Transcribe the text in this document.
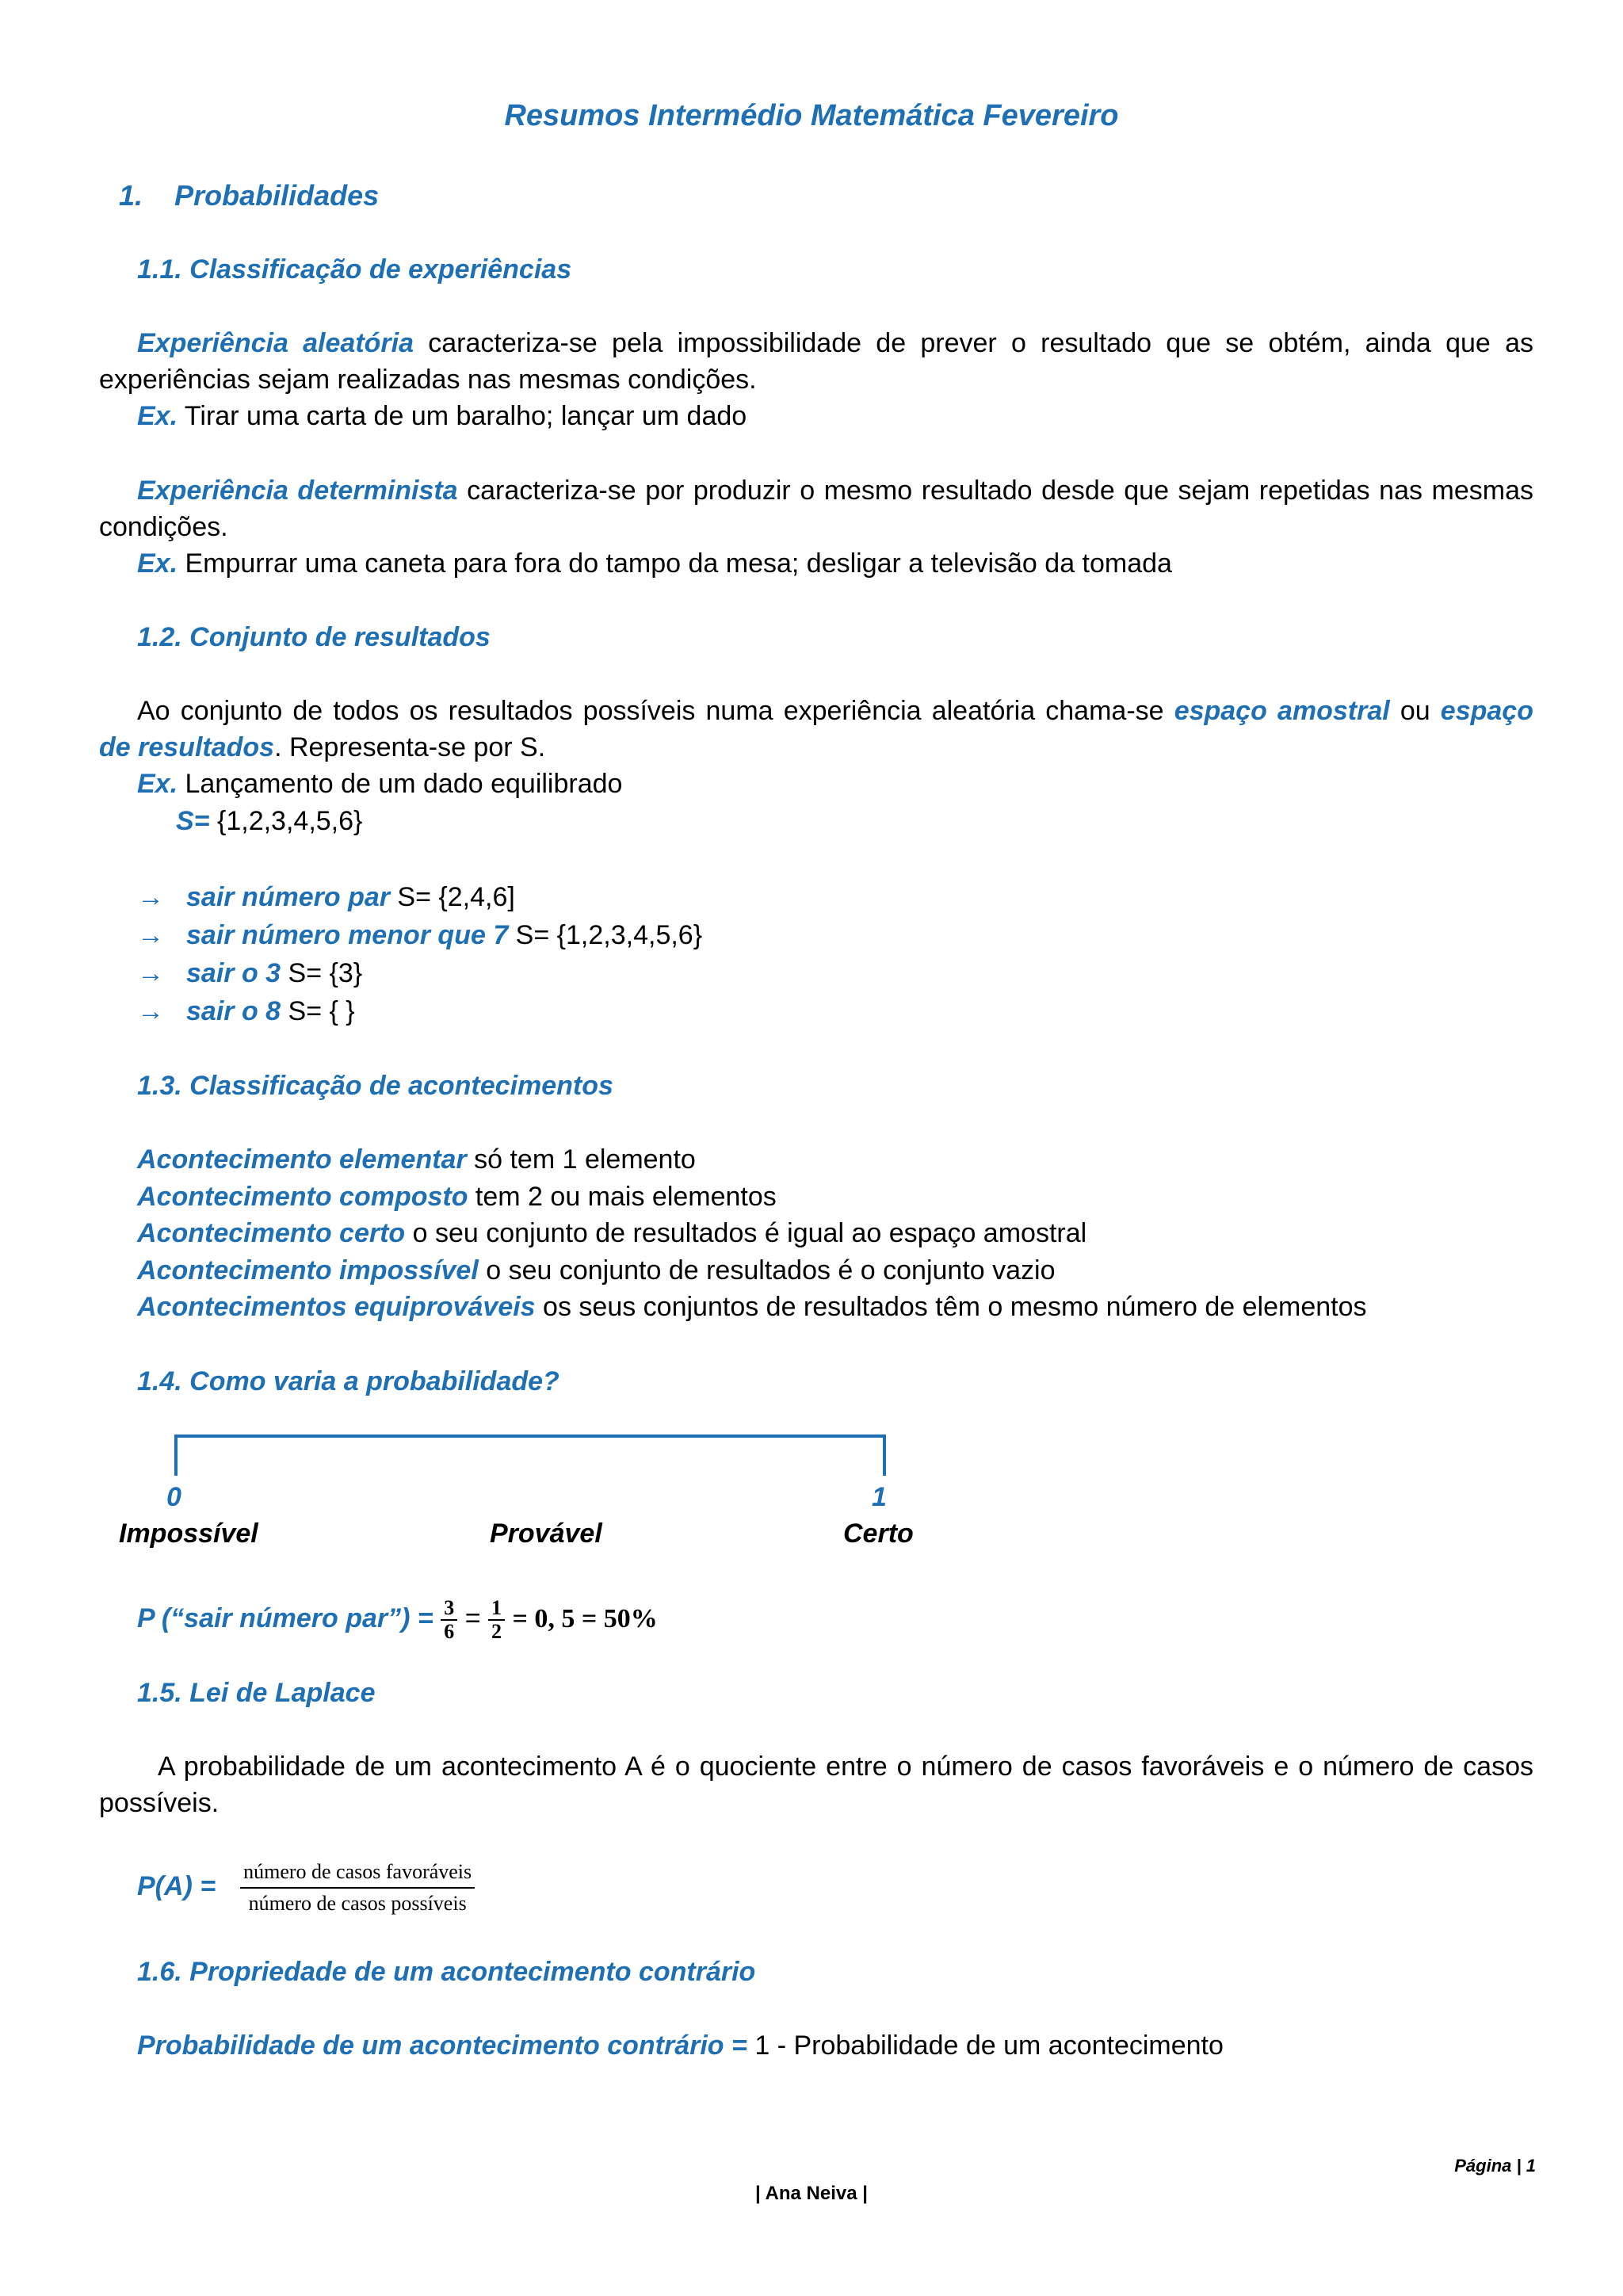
Resumos Intermédio Matemática Fevereiro
1. Probabilidades
1.1. Classificação de experiências
Experiência aleatória caracteriza-se pela impossibilidade de prever o resultado que se obtém, ainda que as
experiências sejam realizadas nas mesmas condições.
Ex. Tirar uma carta de um baralho; lançar um dado
Experiência determinista caracteriza-se por produzir o mesmo resultado desde que sejam repetidas nas mesmas
condições.
Ex. Empurrar uma caneta para fora do tampo da mesa; desligar a televisão da tomada
1.2. Conjunto de resultados
Ao conjunto de todos os resultados possíveis numa experiência aleatória chama-se espaço amostral ou espaço
de resultados. Representa-se por S.
Ex. Lançamento de um dado equilibrado
S= {1,2,3,4,5,6}
→ sair número par S= {2,4,6]
→ sair número menor que 7 S= {1,2,3,4,5,6}
→ sair o 3 S= {3}
→ sair o 8 S= { }
1.3. Classificação de acontecimentos
Acontecimento elementar só tem 1 elemento
Acontecimento composto tem 2 ou mais elementos
Acontecimento certo o seu conjunto de resultados é igual ao espaço amostral
Acontecimento impossível o seu conjunto de resultados é o conjunto vazio
Acontecimentos equiprováveis os seus conjuntos de resultados têm o mesmo número de elementos
1.4. Como varia a probabilidade?
0	1
Impossível	Provável	Certo
P (“sair número par”) = $\frac{3}{6} = \frac{1}{2} = 0$, 5 = 50%
1.5. Lei de Laplace
A probabilidade de um acontecimento A é o quociente entre o número de casos favoráveis e o número de casos
possíveis.
$P(A) = \frac{\text{número de casos favoráveis}}{\text{número de casos possíveis}}$
1.6. Propriedade de um acontecimento contrário
Probabilidade de um acontecimento contrário = 1 - Probabilidade de um acontecimento
Página | 1
| Ana Neiva |
